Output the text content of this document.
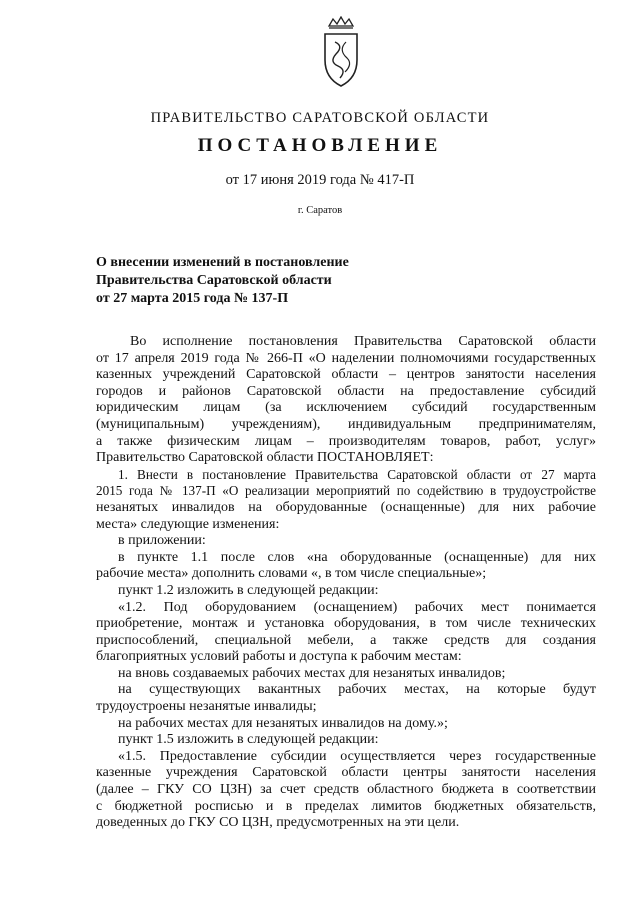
ПРАВИТЕЛЬСТВО САРАТОВСКОЙ ОБЛАСТИ
ПОСТАНОВЛЕНИЕ
от 17 июня 2019 года № 417-П
г. Саратов
О внесении изменений в постановление
Правительства Саратовской области
от 27 марта 2015 года № 137-П
Во исполнение постановления Правительства Саратовской области
от 17 апреля 2019 года № 266-П «О наделении полномочиями государственных
казенных учреждений Саратовской области – центров занятости населения
городов и районов Саратовской области на предоставление субсидий
юридическим лицам (за исключением субсидий государственным
(муниципальным) учреждениям), индивидуальным предпринимателям,
а также физическим лицам – производителям товаров, работ, услуг»
Правительство Саратовской области ПОСТАНОВЛЯЕТ:
1. Внести в постановление Правительства Саратовской области от 27 марта
2015 года № 137-П «О реализации мероприятий по содействию в трудоустройстве
незанятых инвалидов на оборудованные (оснащенные) для них рабочие
места» следующие изменения:
в приложении:
в пункте 1.1 после слов «на оборудованные (оснащенные) для них
рабочие места» дополнить словами «, в том числе специальные»;
пункт 1.2 изложить в следующей редакции:
«1.2. Под оборудованием (оснащением) рабочих мест понимается
приобретение, монтаж и установка оборудования, в том числе технических
приспособлений, специальной мебели, а также средств для создания
благоприятных условий работы и доступа к рабочим местам:
на вновь создаваемых рабочих местах для незанятых инвалидов;
на существующих вакантных рабочих местах, на которые будут
трудоустроены незанятые инвалиды;
на рабочих местах для незанятых инвалидов на дому.»;
пункт 1.5 изложить в следующей редакции:
«1.5. Предоставление субсидии осуществляется через государственные
казенные учреждения Саратовской области центры занятости населения
(далее – ГКУ СО ЦЗН) за счет средств областного бюджета в соответствии
с бюджетной росписью и в пределах лимитов бюджетных обязательств,
доведенных до ГКУ СО ЦЗН, предусмотренных на эти цели.
